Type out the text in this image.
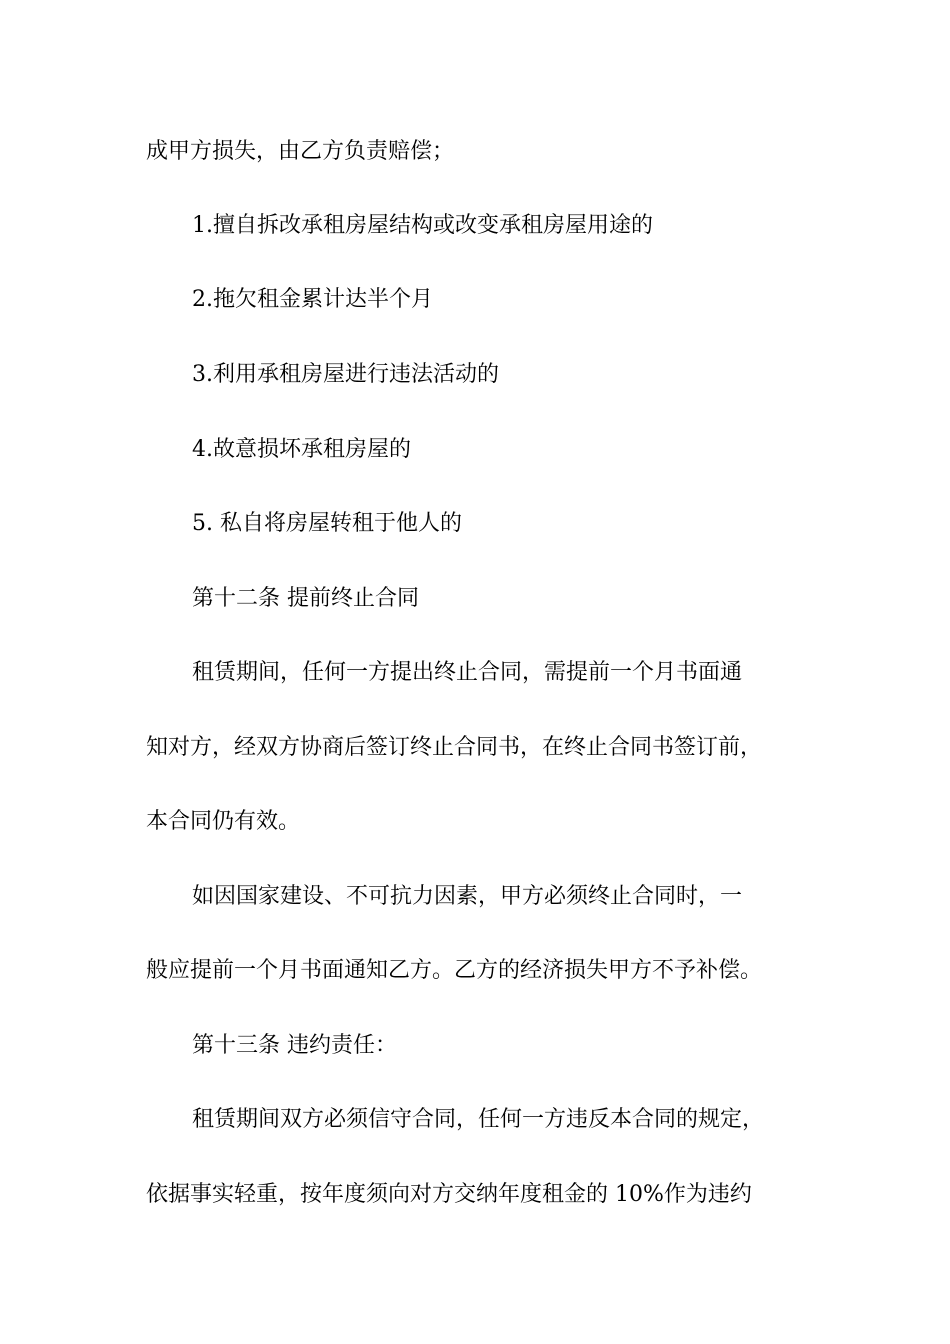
成甲方损失，由乙方负责赔偿；
1.擅自拆改承租房屋结构或改变承租房屋用途的
2.拖欠租金累计达半个月
3.利用承租房屋进行违法活动的
4.故意损坏承租房屋的
5. 私自将房屋转租于他人的
第十二条 提前终止合同
租赁期间，任何一方提出终止合同，需提前一个月书面通
知对方，经双方协商后签订终止合同书，在终止合同书签订前，
本合同仍有效。
如因国家建设、不可抗力因素，甲方必须终止合同时，一
般应提前一个月书面通知乙方。乙方的经济损失甲方不予补偿。
第十三条 违约责任：
租赁期间双方必须信守合同，任何一方违反本合同的规定，
依据事实轻重，按年度须向对方交纳年度租金的 10%作为违约
